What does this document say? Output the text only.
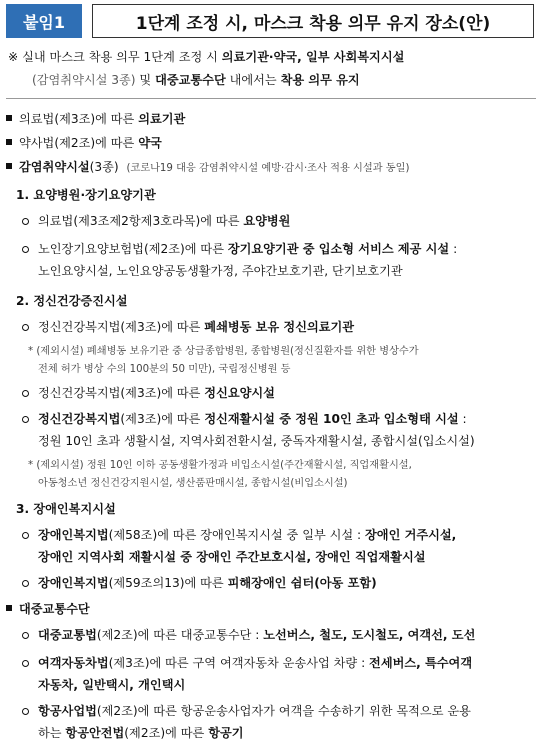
붙임1	1단계 조정 시, 마스크 착용 의무 유지 장소(안)
※ 실내 마스크 착용 의무 1단계 조정 시 의료기관·약국, 일부 사회복지시설
(감염취약시설 3종) 및 대중교통수단 내에서는 착용 의무 유지
의료법(제3조)에 따른 의료기관
약사법(제2조)에 따른 약국
감염취약시설(3종) (코로나19 대응 감염취약시설 예방·감시·조사 적용 시설과 동일)
1. 요양병원·장기요양기관
의료법(제3조제2항제3호라목)에 따른 요양병원
노인장기요양보험법(제2조)에 따른 장기요양기관 중 입소형 서비스 제공 시설 :
노인요양시설, 노인요양공동생활가정, 주야간보호기관, 단기보호기관
2. 정신건강증진시설
정신건강복지법(제3조)에 따른 폐쇄병동 보유 정신의료기관
* (제외시설) 폐쇄병동 보유기관 중 상급종합병원, 종합병원(정신질환자를 위한 병상수가
전체 허가 병상 수의 100분의 50 미만), 국립정신병원 등
정신건강복지법(제3조)에 따른 정신요양시설
정신건강복지법(제3조)에 따른 정신재활시설 중 정원 10인 초과 입소형태 시설 :
정원 10인 초과 생활시설, 지역사회전환시설, 중독자재활시설, 종합시설(입소시설)
* (제외시설) 정원 10인 이하 공동생활가정과 비입소시설(주간재활시설, 직업재활시설,
아동청소년 정신건강지원시설, 생산품판매시설, 종합시설(비입소시설)
3. 장애인복지시설
장애인복지법(제58조)에 따른 장애인복지시설 중 일부 시설 : 장애인 거주시설,
장애인 지역사회 재활시설 중 장애인 주간보호시설, 장애인 직업재활시설
장애인복지법(제59조의13)에 따른 피해장애인 쉼터(아동 포함)
대중교통수단
대중교통법(제2조)에 따른 대중교통수단 : 노선버스, 철도, 도시철도, 여객선, 도선
여객자동차법(제3조)에 따른 구역 여객자동차 운송사업 차량 : 전세버스, 특수여객
자동차, 일반택시, 개인택시
항공사업법(제2조)에 따른 항공운송사업자가 여객을 수송하기 위한 목적으로 운용
하는 항공안전법(제2조)에 따른 항공기
